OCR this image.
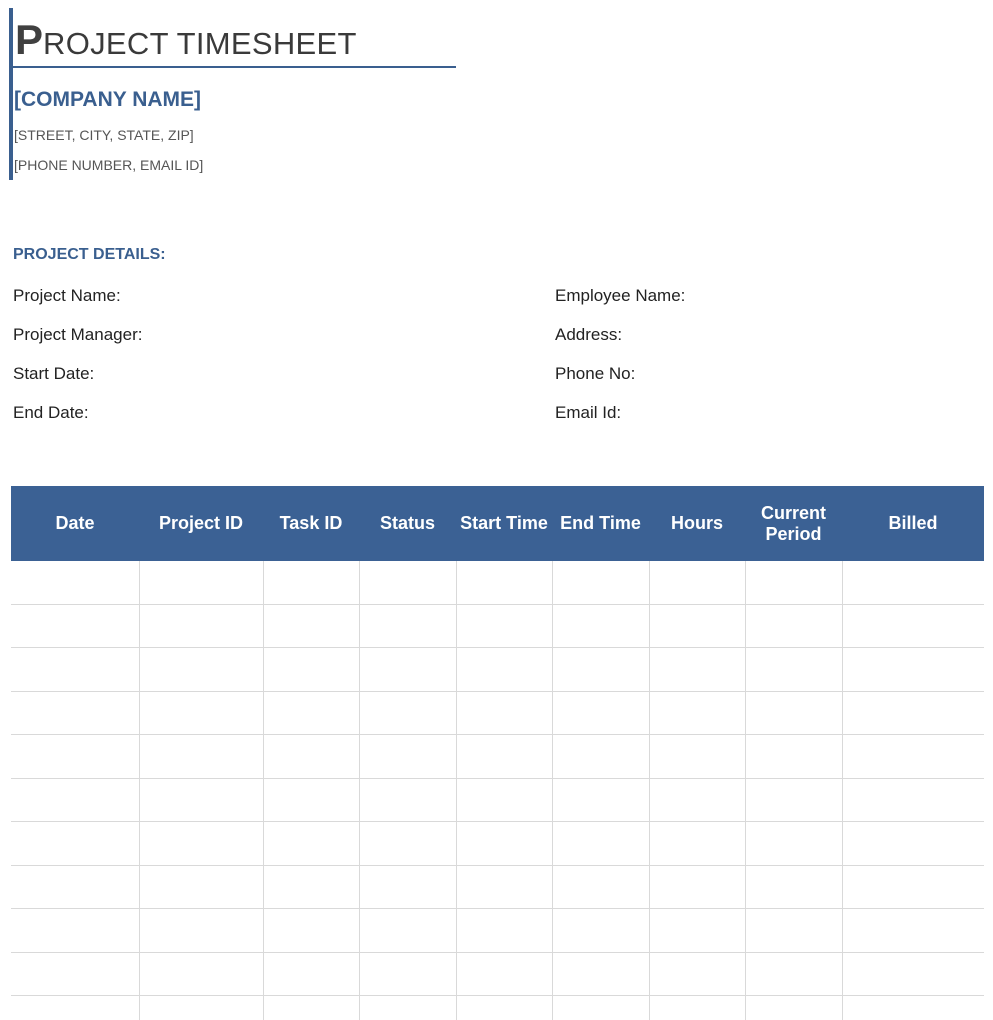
PROJECT TIMESHEET
[COMPANY NAME]
[STREET, CITY, STATE, ZIP]
[PHONE NUMBER, EMAIL ID]
PROJECT DETAILS:
Project Name:
Project Manager:
Start Date:
End Date:
Employee Name:
Address:
Phone No:
Email Id:
Date	Project ID	Task ID	Status	Start Time	End Time	Hours	Current Period	Billed
